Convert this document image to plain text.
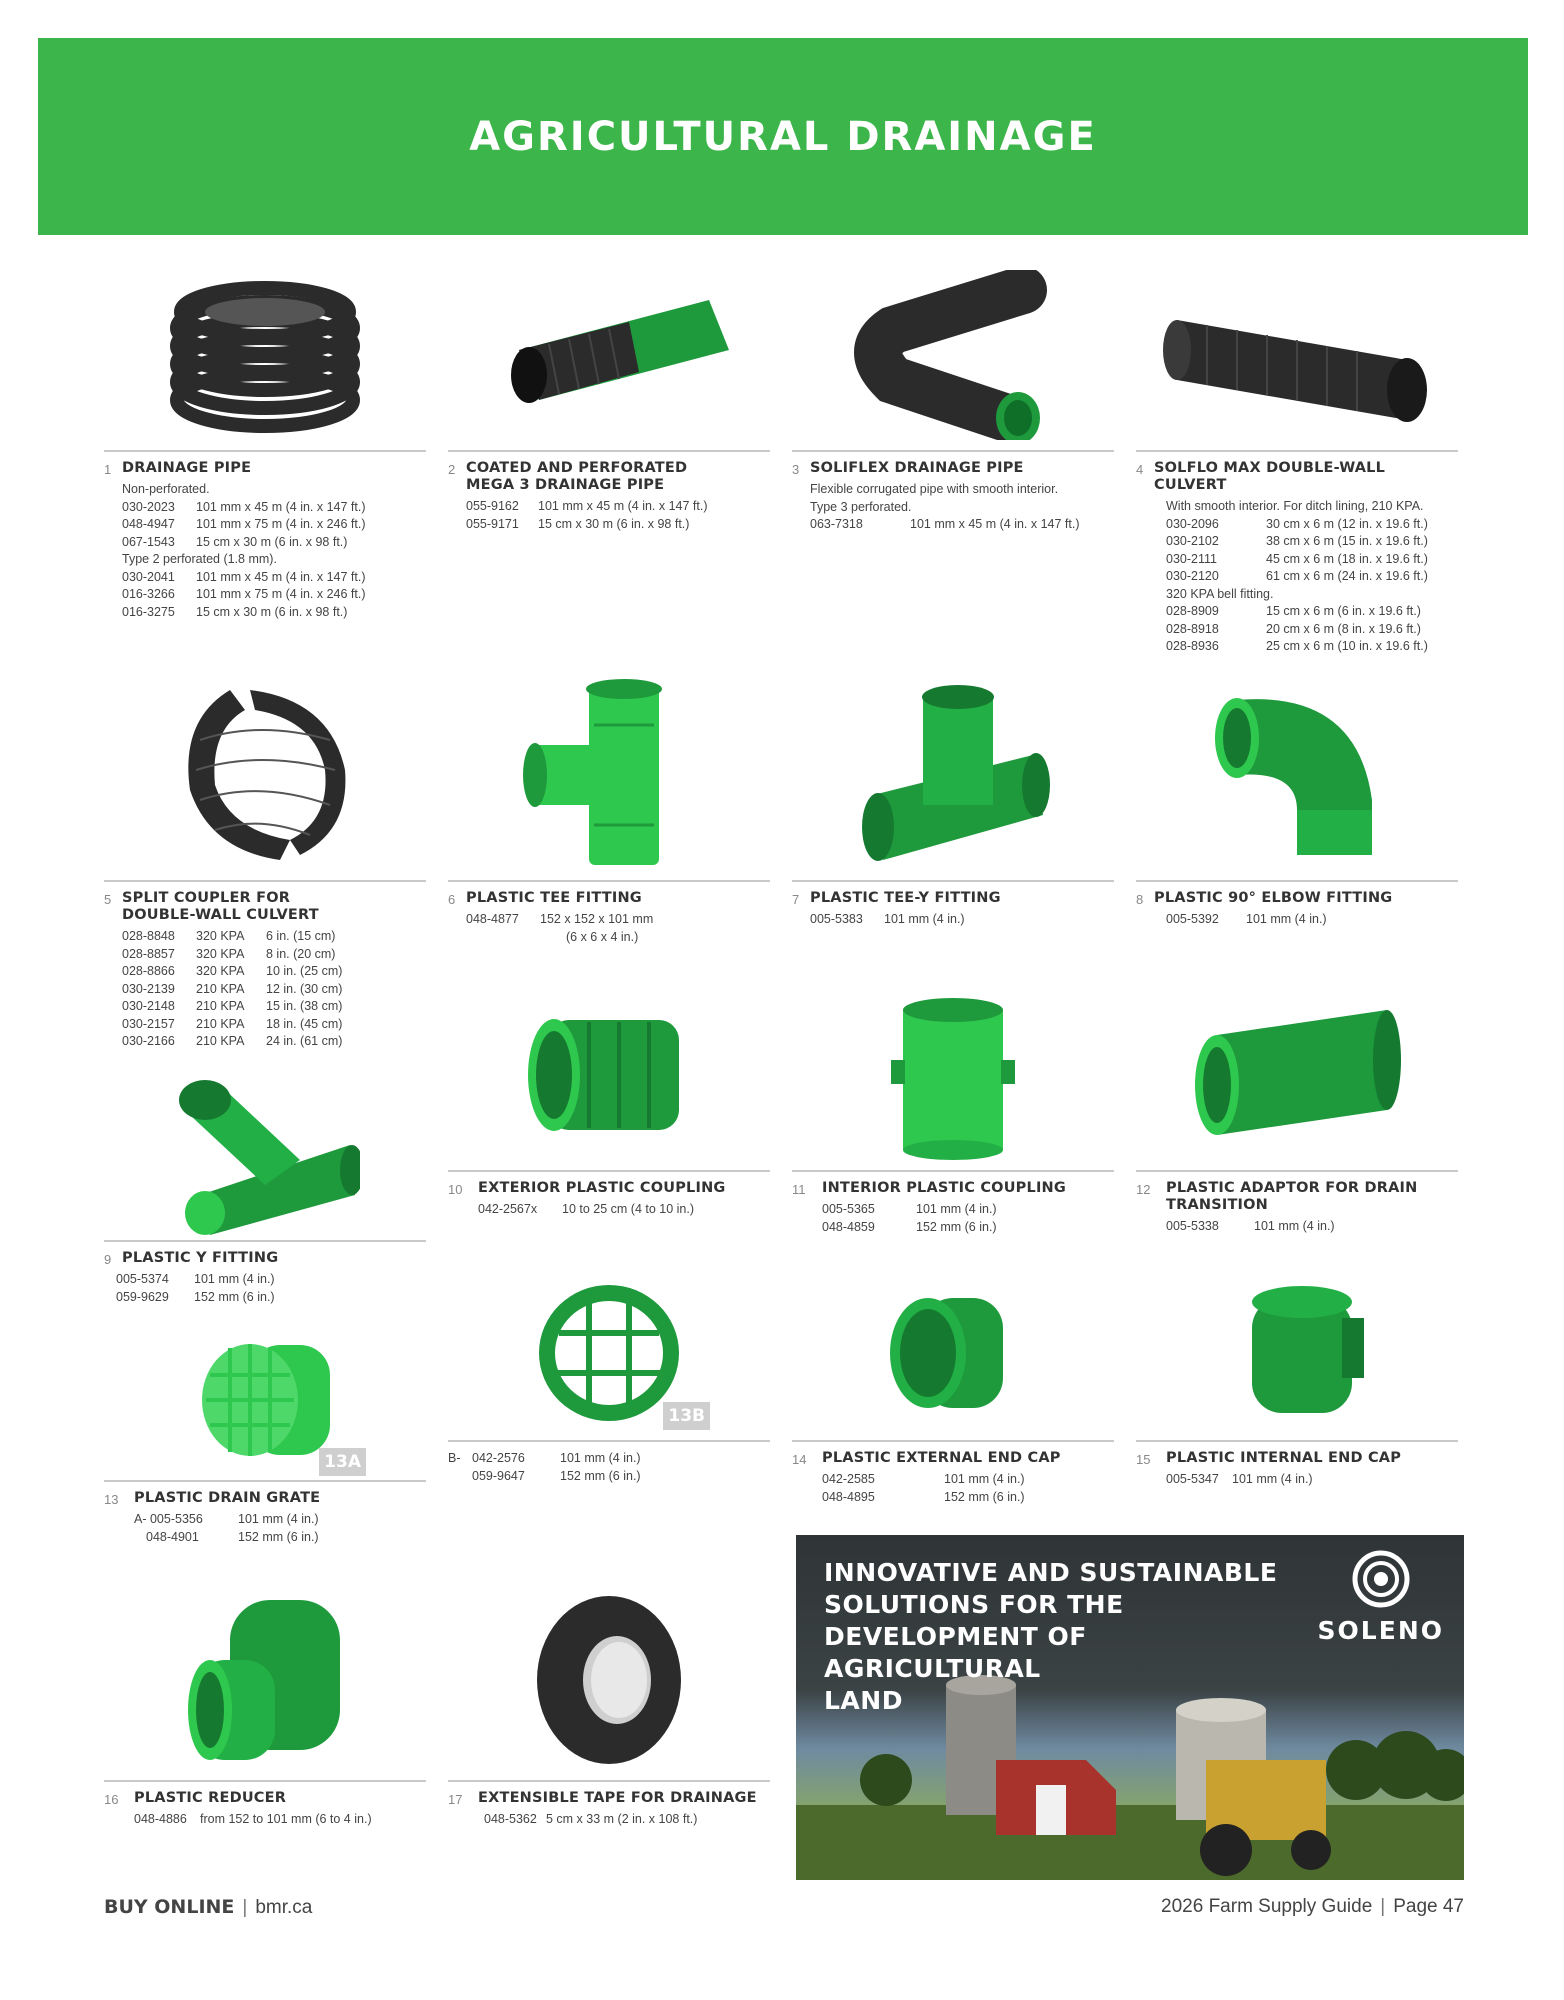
AGRICULTURAL DRAINAGE
1 DRAINAGE PIPE
Non-perforated.
030-2023	101 mm x 45 m (4 in. x 147 ft.)
048-4947	101 mm x 75 m (4 in. x 246 ft.)
067-1543	15 cm x 30 m (6 in. x 98 ft.)
Type 2 perforated (1.8 mm).
030-2041	101 mm x 45 m (4 in. x 147 ft.)
016-3266	101 mm x 75 m (4 in. x 246 ft.)
016-3275	15 cm x 30 m (6 in. x 98 ft.)
2 COATED AND PERFORATED
MEGA 3 DRAINAGE PIPE
055-9162	101 mm x 45 m (4 in. x 147 ft.)
055-9171	15 cm x 30 m (6 in. x 98 ft.)
3 SOLIFLEX DRAINAGE PIPE
Flexible corrugated pipe with smooth interior.
Type 3 perforated.
063-7318	101 mm x 45 m (4 in. x 147 ft.)
4 SOLFLO MAX DOUBLE-WALL CULVERT
With smooth interior. For ditch lining, 210 KPA.
030-2096	30 cm x 6 m (12 in. x 19.6 ft.)
030-2102	38 cm x 6 m (15 in. x 19.6 ft.)
030-2111	45 cm x 6 m (18 in. x 19.6 ft.)
030-2120	61 cm x 6 m (24 in. x 19.6 ft.)
320 KPA bell fitting.
028-8909	15 cm x 6 m (6 in. x 19.6 ft.)
028-8918	20 cm x 6 m (8 in. x 19.6 ft.)
028-8936	25 cm x 6 m (10 in. x 19.6 ft.)
5 SPLIT COUPLER FOR
DOUBLE-WALL CULVERT
028-8848	320 KPA	6 in. (15 cm)
028-8857	320 KPA	8 in. (20 cm)
028-8866	320 KPA	10 in. (25 cm)
030-2139	210 KPA	12 in. (30 cm)
030-2148	210 KPA	15 in. (38 cm)
030-2157	210 KPA	18 in. (45 cm)
030-2166	210 KPA	24 in. (61 cm)
6 PLASTIC TEE FITTING
048-4877	152 x 152 x 101 mm
(6 x 6 x 4 in.)
7 PLASTIC TEE-Y FITTING
005-5383	101 mm (4 in.)
8 PLASTIC 90° ELBOW FITTING
005-5392	101 mm (4 in.)
9 PLASTIC Y FITTING
005-5374	101 mm (4 in.)
059-9629	152 mm (6 in.)
10	EXTERIOR PLASTIC COUPLING
042-2567x	10 to 25 cm (4 to 10 in.)
11	INTERIOR PLASTIC COUPLING
005-5365	101 mm (4 in.)
048-4859	152 mm (6 in.)
12	PLASTIC ADAPTOR FOR DRAIN
TRANSITION
005-5338	101 mm (4 in.)
13A
13	PLASTIC DRAIN GRATE
A- 005-5356	101 mm (4 in.)
048-4901	152 mm (6 in.)
13B
B- 042-2576	101 mm (4 in.)
059-9647	152 mm (6 in.)
14	PLASTIC EXTERNAL END CAP
042-2585	101 mm (4 in.)
048-4895	152 mm (6 in.)
15	PLASTIC INTERNAL END CAP
005-5347	101 mm (4 in.)
16	PLASTIC REDUCER
048-4886	from 152 to 101 mm (6 to 4 in.)
17	EXTENSIBLE TAPE FOR DRAINAGE
048-5362 5 cm x 33 m (2 in. x 108 ft.)
INNOVATIVE AND SUSTAINABLE
SOLUTIONS FOR THE
DEVELOPMENT OF AGRICULTURAL
LAND
SOLENO
BUY ONLINE | bmr.ca	2026 Farm Supply Guide | Page 47
